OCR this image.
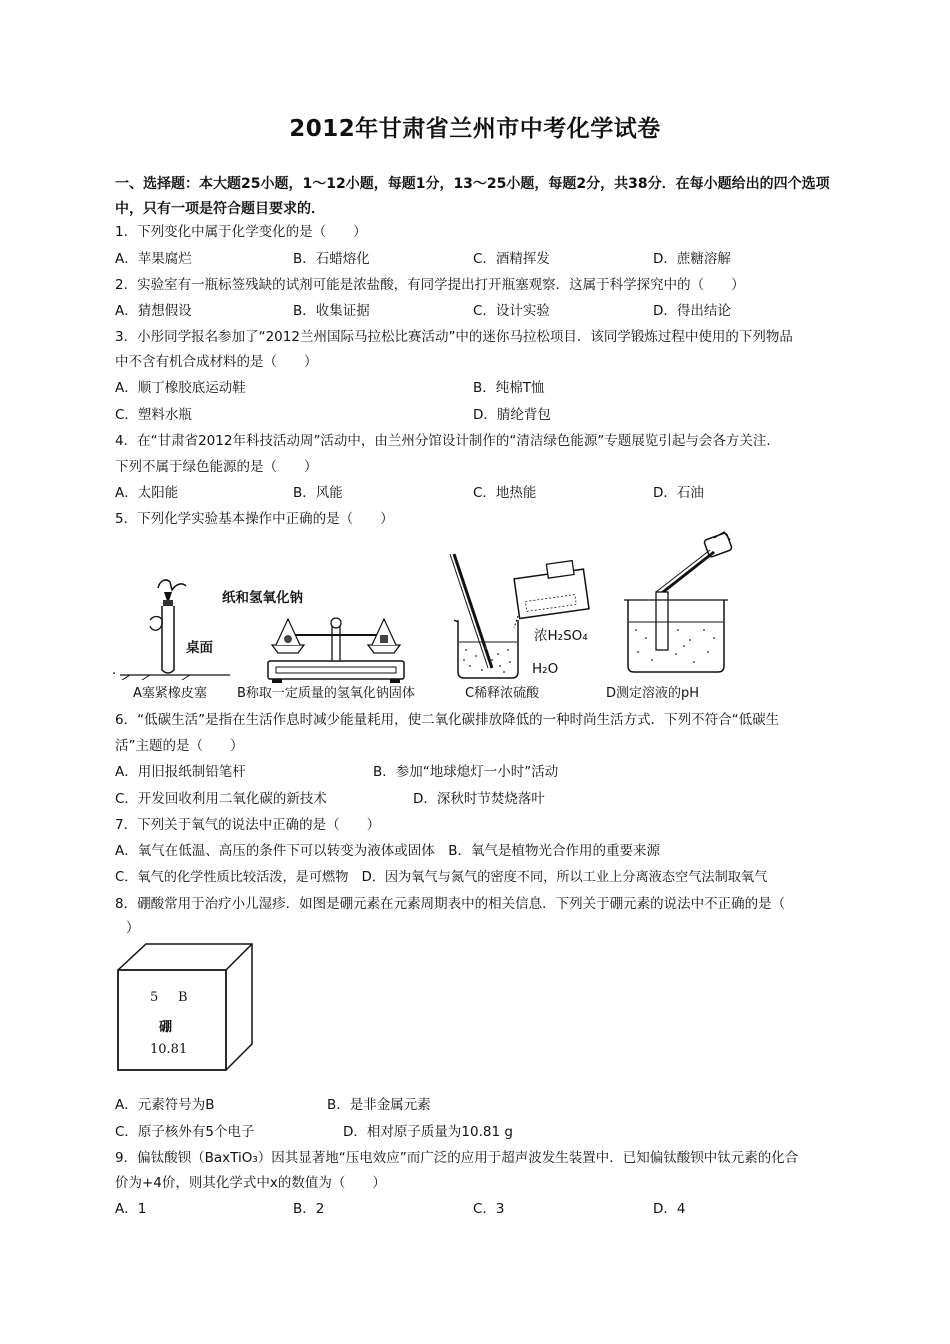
2012年甘肃省兰州市中考化学试卷
一、选择题：本大题25小题，1～12小题，每题1分，13～25小题，每题2分，共38分．在每小题给出的四个选项中，只有一项是符合题目要求的．
1．下列变化中属于化学变化的是（　　）
A．苹果腐烂	B．石蜡熔化	C．酒精挥发	D．蔗糖溶解
2．实验室有一瓶标签残缺的试剂可能是浓盐酸，有同学提出打开瓶塞观察．这属于科学探究中的（　　）
A．猜想假设	B．收集证据	C．设计实验	D．得出结论
3．小彤同学报名参加了“2012兰州国际马拉松比赛活动”中的迷你马拉松项目．该同学锻炼过程中使用的下列物品
中不含有机合成材料的是（　　）
A．顺丁橡胶底运动鞋	B．纯棉T恤
C．塑料水瓶	D．腈纶背包
4．在“甘肃省2012年科技活动周”活动中，由兰州分馆设计制作的“清洁绿色能源”专题展览引起与会各方关注．
下列不属于绿色能源的是（　　）
A．太阳能	B．风能	C．地热能	D．石油
5．下列化学实验基本操作中正确的是（　　）
桌面
．
纸和氢氧化钠
浓H₂SO₄
H₂O
A塞紧橡皮塞 B称取一定质量的氢氧化钠固体	C稀释浓硫酸	D测定溶液的pH
6．“低碳生活”是指在生活作息时减少能量耗用，使二氧化碳排放降低的一种时尚生活方式．下列不符合“低碳生
活”主题的是（　　）
A．用旧报纸制铅笔杆	B．参加“地球熄灯一小时”活动
C．开发回收利用二氧化碳的新技术	D．深秋时节焚烧落叶
7．下列关于氧气的说法中正确的是（　　）
A．氧气在低温、高压的条件下可以转变为液体或固体　B．氧气是植物光合作用的重要来源
C．氧气的化学性质比较活泼，是可燃物　D．因为氧气与氮气的密度不同，所以工业上分离液态空气法制取氧气
8．硼酸常用于治疗小儿湿疹．如图是硼元素在元素周期表中的相关信息．下列关于硼元素的说法中不正确的是（
）
5 B
硼
10.81
A．元素符号为B	B．是非金属元素
C．原子核外有5个电子	D．相对原子质量为10.81 g
9．偏钛酸钡（BaxTiO₃）因其显著地“压电效应”而广泛的应用于超声波发生装置中．已知偏钛酸钡中钛元素的化合
价为+4价，则其化学式中x的数值为（　　）
A．1	B．2	C．3	D．4
